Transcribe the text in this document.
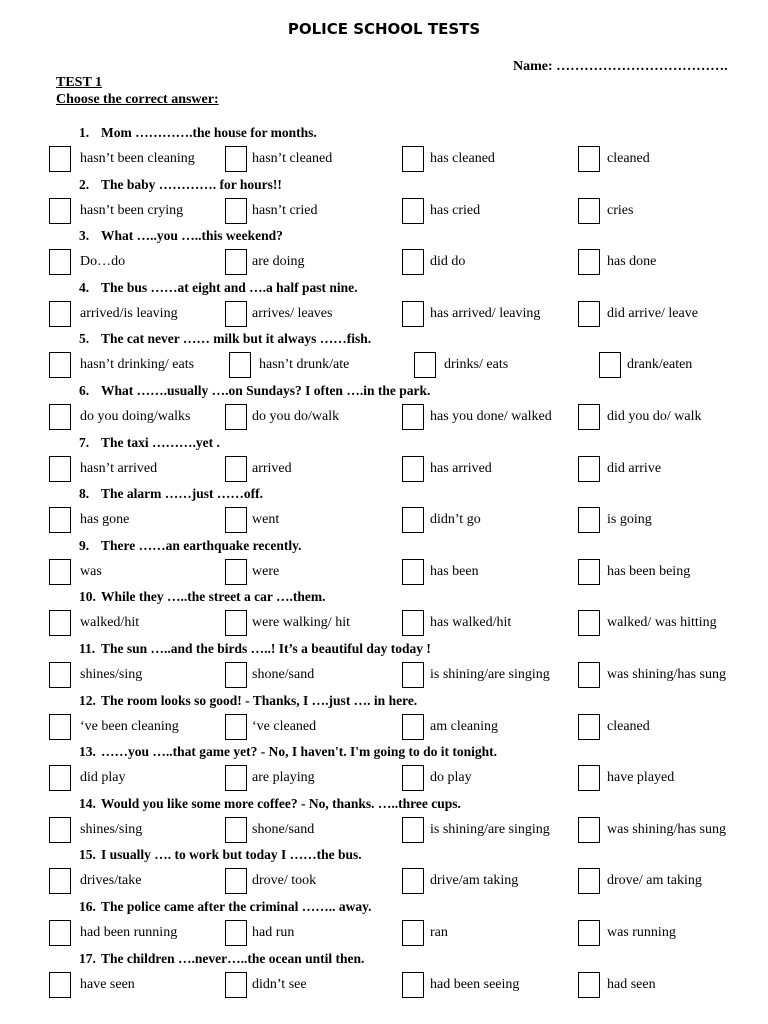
POLICE SCHOOL TESTS
Name: ……………………………….
TEST 1
Choose the correct answer:
1. Mom ………….the house for months.
hasn’t been cleaning	hasn’t cleaned	has cleaned	cleaned
2. The baby …………. for hours!!
hasn’t been crying	hasn’t cried	has cried	cries
3. What …..you …..this weekend?
Do…do	are doing	did do	has done
4. The bus ……at eight and ….a half past nine.
arrived/is leaving	arrives/ leaves	has arrived/ leaving	did arrive/ leave
5. The cat never …… milk but it always ……fish.
hasn’t drinking/ eats	hasn’t drunk/ate	drinks/ eats	drank/eaten
6. What …….usually ….on Sundays? I often ….in the park.
do you doing/walks	do you do/walk	has you done/ walked	did you do/ walk
7. The taxi ……….yet .
hasn’t arrived	arrived	has arrived	did arrive
8. The alarm ……just ……off.
has gone	went	didn’t go	is going
9. There ……an earthquake recently.
was	were	has been	has been being
10. While they …..the street a car ….them.
walked/hit	were walking/ hit	has walked/hit	walked/ was hitting
11. The sun …..and the birds …..! It’s a beautiful day today !
shines/sing	shone/sand	is shining/are singing	was shining/has sung
12. The room looks so good! - Thanks, I ….just …. in here.
‘ve been cleaning	‘ve cleaned	am cleaning	cleaned
13. ……you …..that game yet? - No, I haven't. I'm going to do it tonight.
did play	are playing	do play	have played
14. Would you like some more coffee? - No, thanks. …..three cups.
shines/sing	shone/sand	is shining/are singing	was shining/has sung
15. I usually …. to work but today I ……the bus.
drives/take	drove/ took	drive/am taking	drove/ am taking
16. The police came after the criminal …….. away.
had been running	had run	ran	was running
17. The children ….never…..the ocean until then.
have seen	didn’t see	had been seeing	had seen
